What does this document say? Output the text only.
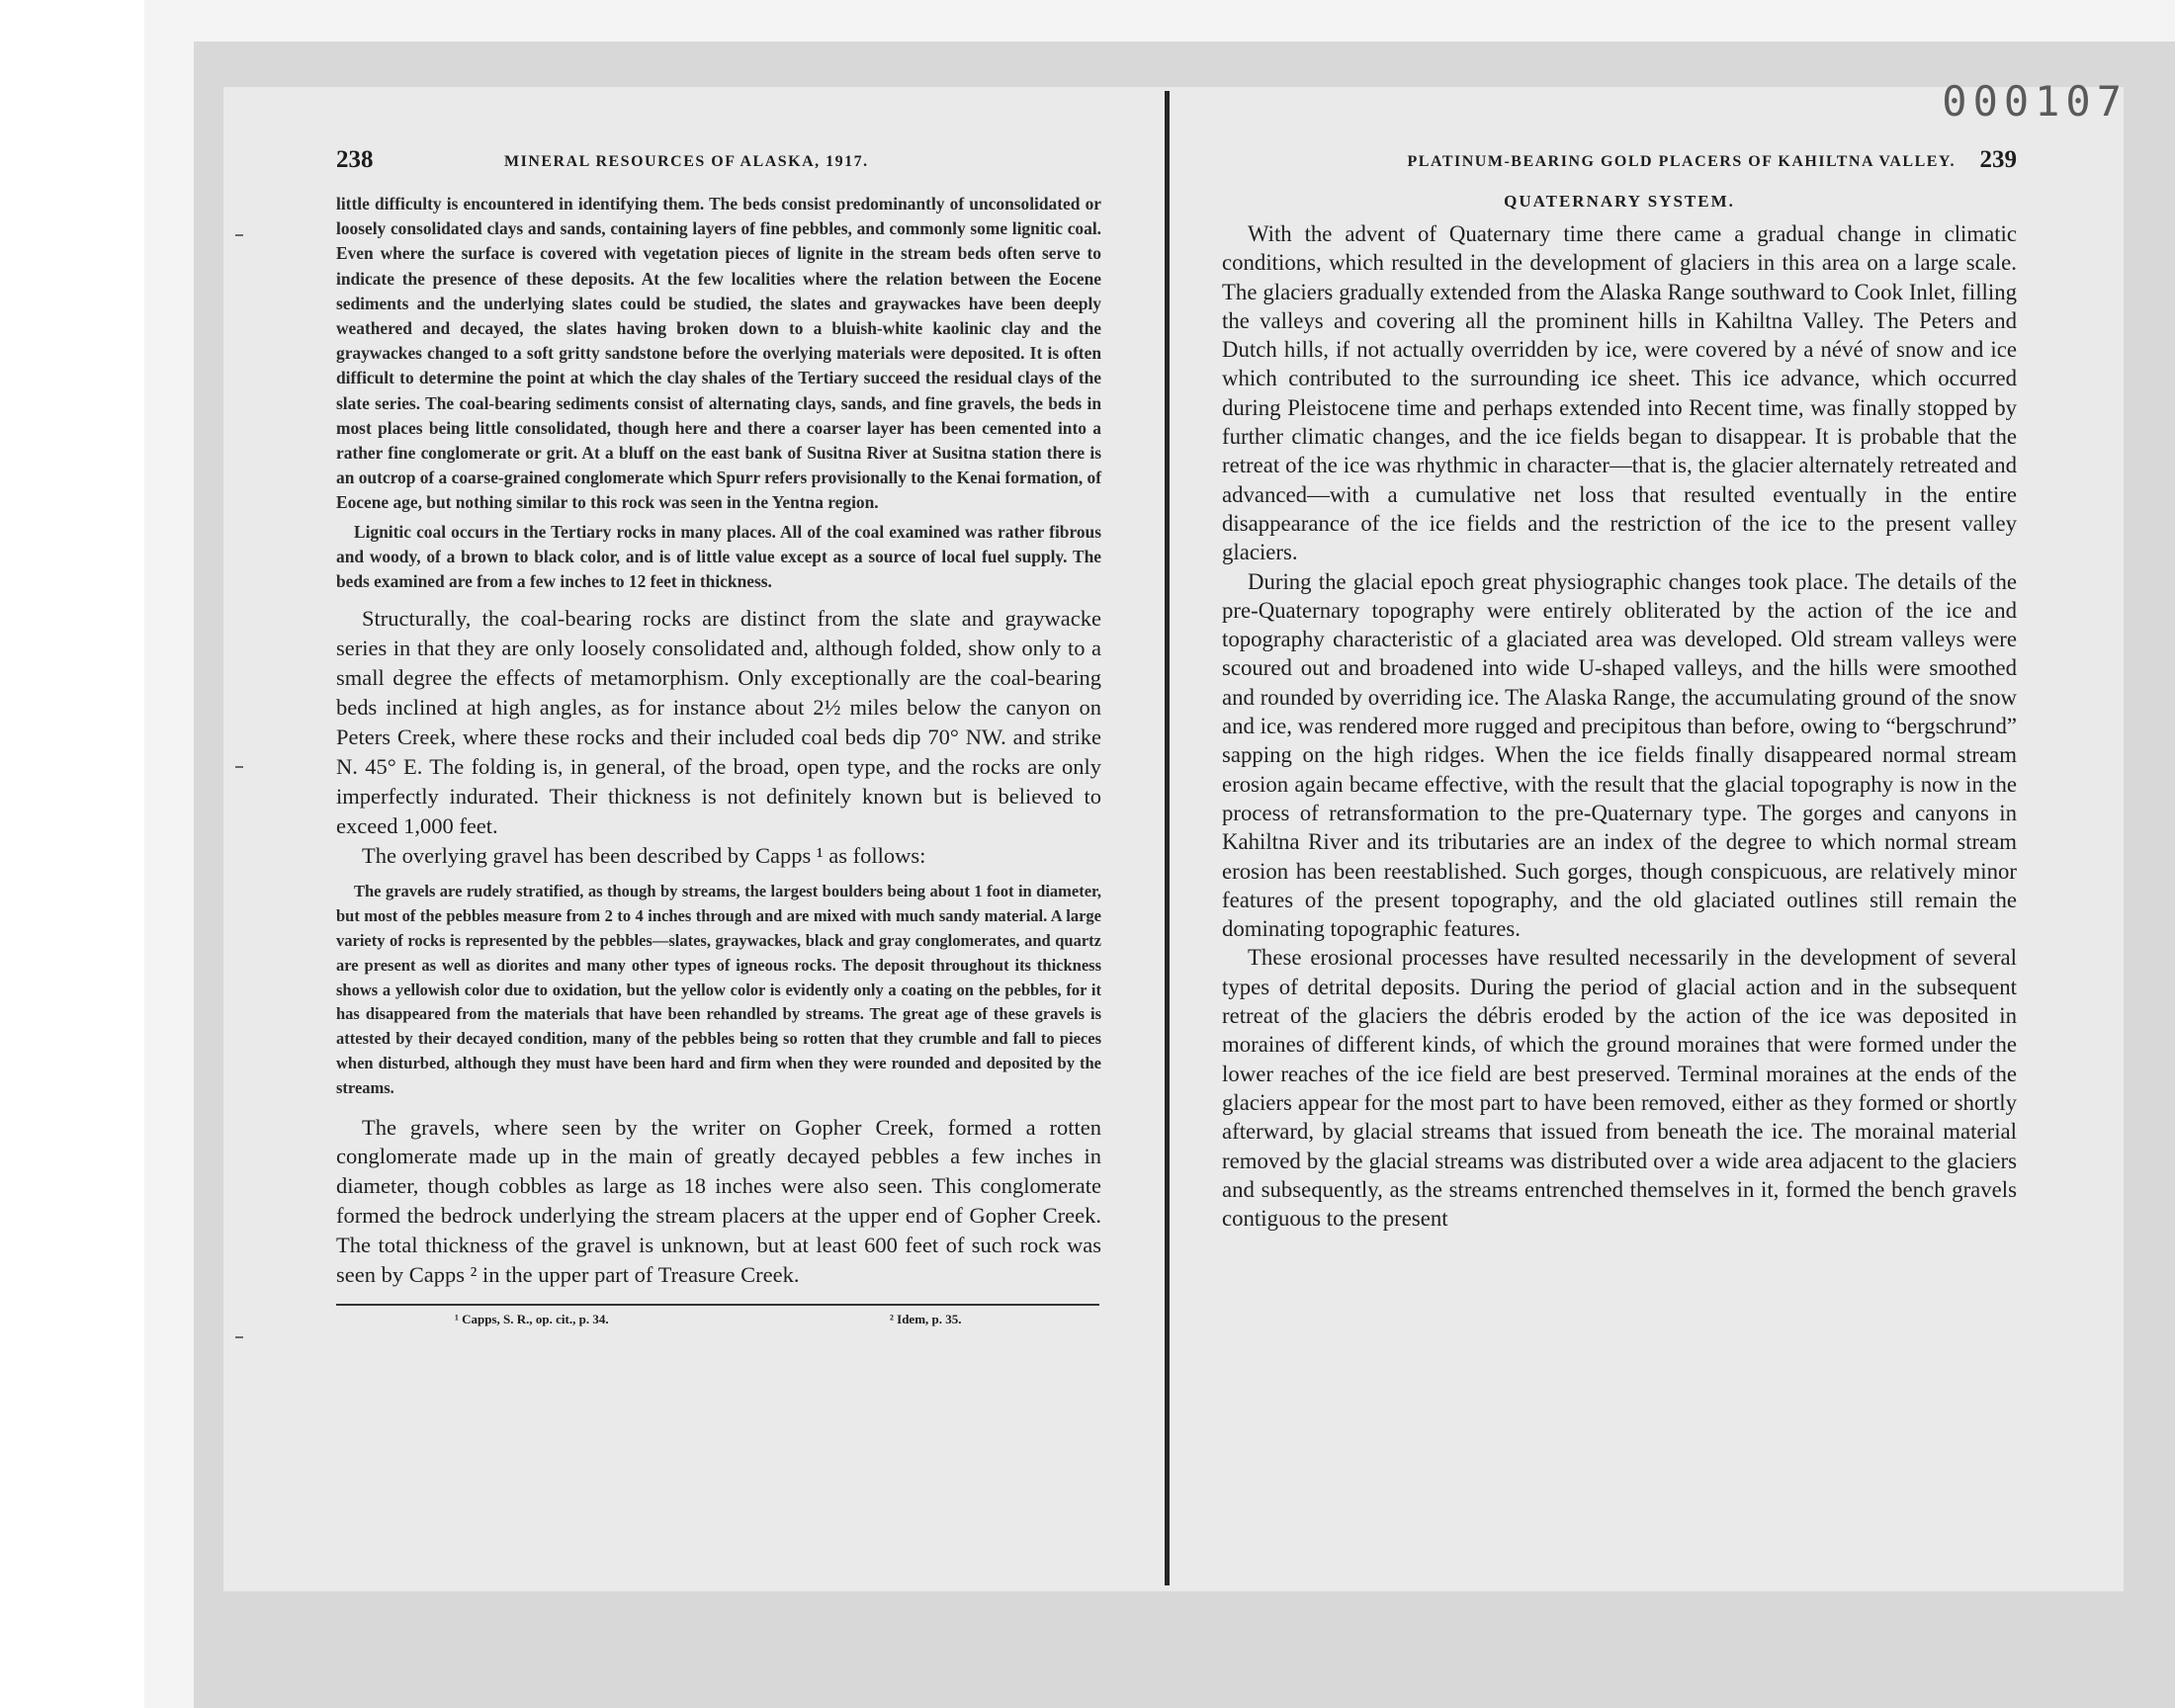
000107
238	MINERAL RESOURCES OF ALASKA, 1917.

little difficulty is encountered in identifying them. The beds consist predominantly of unconsolidated or loosely consolidated clays and sands, containing layers of fine pebbles, and commonly some lignitic coal. Even where the surface is covered with vegetation pieces of lignite in the stream beds often serve to indicate the presence of these deposits. At the few localities where the relation between the Eocene sediments and the underlying slates could be studied, the slates and graywackes have been deeply weathered and decayed, the slates having broken down to a bluish-white kaolinic clay and the graywackes changed to a soft gritty sandstone before the overlying materials were deposited. It is often difficult to determine the point at which the clay shales of the Tertiary succeed the residual clays of the slate series. The coal-bearing sediments consist of alternating clays, sands, and fine gravels, the beds in most places being little consolidated, though here and there a coarser layer has been cemented into a rather fine conglomerate or grit. At a bluff on the east bank of Susitna River at Susitna station there is an outcrop of a coarse-grained conglomerate which Spurr refers provisionally to the Kenai formation, of Eocene age, but nothing similar to this rock was seen in the Yentna region.

Lignitic coal occurs in the Tertiary rocks in many places. All of the coal examined was rather fibrous and woody, of a brown to black color, and is of little value except as a source of local fuel supply. The beds examined are from a few inches to 12 feet in thickness.

Structurally, the coal-bearing rocks are distinct from the slate and graywacke series in that they are only loosely consolidated and, although folded, show only to a small degree the effects of metamorphism. Only exceptionally are the coal-bearing beds inclined at high angles, as for instance about 2½ miles below the canyon on Peters Creek, where these rocks and their included coal beds dip 70° NW. and strike N. 45° E. The folding is, in general, of the broad, open type, and the rocks are only imperfectly indurated. Their thickness is not definitely known but is believed to exceed 1,000 feet.

The overlying gravel has been described by Capps ¹ as follows:

The gravels are rudely stratified, as though by streams, the largest boulders being about 1 foot in diameter, but most of the pebbles measure from 2 to 4 inches through and are mixed with much sandy material. A large variety of rocks is represented by the pebbles—slates, graywackes, black and gray conglomerates, and quartz are present as well as diorites and many other types of igneous rocks. The deposit throughout its thickness shows a yellowish color due to oxidation, but the yellow color is evidently only a coating on the pebbles, for it has disappeared from the materials that have been rehandled by streams. The great age of these gravels is attested by their decayed condition, many of the pebbles being so rotten that they crumble and fall to pieces when disturbed, although they must have been hard and firm when they were rounded and deposited by the streams.

The gravels, where seen by the writer on Gopher Creek, formed a rotten conglomerate made up in the main of greatly decayed pebbles a few inches in diameter, though cobbles as large as 18 inches were also seen. This conglomerate formed the bedrock underlying the stream placers at the upper end of Gopher Creek. The total thickness of the gravel is unknown, but at least 600 feet of such rock was seen by Capps ² in the upper part of Treasure Creek.

¹ Capps, S. R., op. cit., p. 34.	² Idem, p. 35.
PLATINUM-BEARING GOLD PLACERS OF KAHILTNA VALLEY. 239
QUATERNARY SYSTEM.

With the advent of Quaternary time there came a gradual change in climatic conditions, which resulted in the development of glaciers in this area on a large scale. The glaciers gradually extended from the Alaska Range southward to Cook Inlet, filling the valleys and covering all the prominent hills in Kahiltna Valley. The Peters and Dutch hills, if not actually overridden by ice, were covered by a névé of snow and ice which contributed to the surrounding ice sheet. This ice advance, which occurred during Pleistocene time and perhaps extended into Recent time, was finally stopped by further climatic changes, and the ice fields began to disappear. It is probable that the retreat of the ice was rhythmic in character—that is, the glacier alternately retreated and advanced—with a cumulative net loss that resulted eventually in the entire disappearance of the ice fields and the restriction of the ice to the present valley glaciers.

During the glacial epoch great physiographic changes took place. The details of the pre-Quaternary topography were entirely obliterated by the action of the ice and topography characteristic of a glaciated area was developed. Old stream valleys were scoured out and broadened into wide U-shaped valleys, and the hills were smoothed and rounded by overriding ice. The Alaska Range, the accumulating ground of the snow and ice, was rendered more rugged and precipitous than before, owing to “bergschrund” sapping on the high ridges. When the ice fields finally disappeared normal stream erosion again became effective, with the result that the glacial topography is now in the process of retransformation to the pre-Quaternary type. The gorges and canyons in Kahiltna River and its tributaries are an index of the degree to which normal stream erosion has been reestablished. Such gorges, though conspicuous, are relatively minor features of the present topography, and the old glaciated outlines still remain the dominating topographic features.

These erosional processes have resulted necessarily in the development of several types of detrital deposits. During the period of glacial action and in the subsequent retreat of the glaciers the débris eroded by the action of the ice was deposited in moraines of different kinds, of which the ground moraines that were formed under the lower reaches of the ice field are best preserved. Terminal moraines at the ends of the glaciers appear for the most part to have been removed, either as they formed or shortly afterward, by glacial streams that issued from beneath the ice. The morainal material removed by the glacial streams was distributed over a wide area adjacent to the glaciers and subsequently, as the streams entrenched themselves in it, formed the bench gravels contiguous to the present
